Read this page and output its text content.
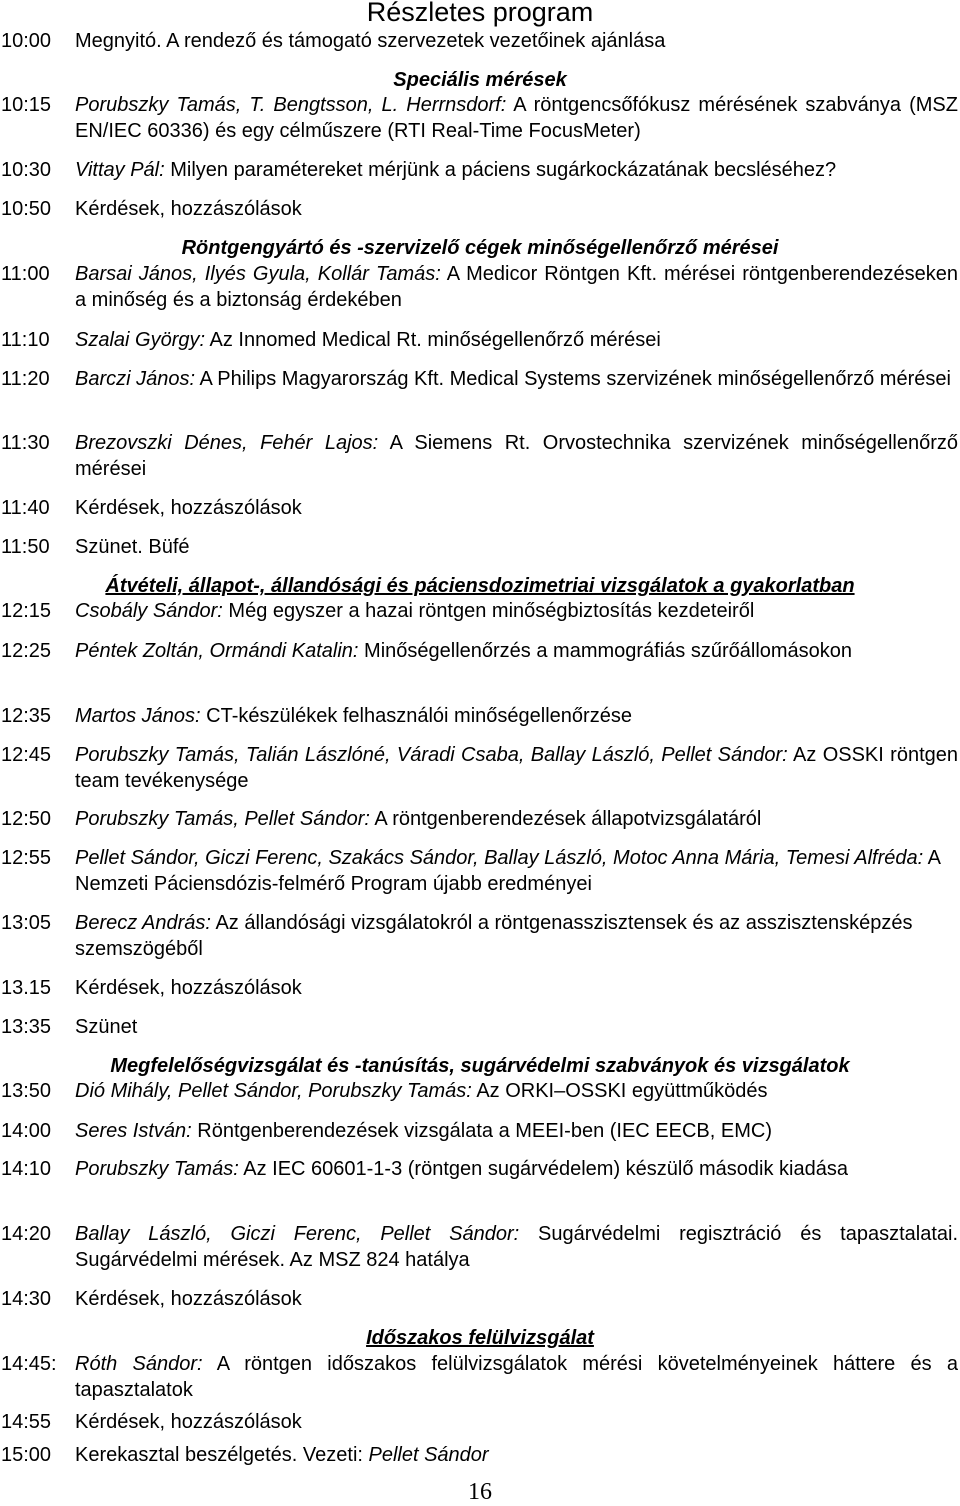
Részletes program
10:00 Megnyitó. A rendező és támogató szervezetek vezetőinek ajánlása
Speciális mérések
10:15 Porubszky Tamás, T. Bengtsson, L. Herrnsdorf: A röntgencsőfókusz mérésének szabványa (MSZ EN/IEC 60336) és egy célműszere (RTI Real-Time FocusMeter)
10:30 Vittay Pál: Milyen paramétereket mérjünk a páciens sugárkockázatának becsléséhez?
10:50 Kérdések, hozzászólások
Röntgengyártó és -szervizelő cégek minőségellenőrző mérései
11:00 Barsai János, Ilyés Gyula, Kollár Tamás: A Medicor Röntgen Kft. mérései röntgenberendezéseken a minőség és a biztonság érdekében
11:10 Szalai György: Az Innomed Medical Rt. minőségellenőrző mérései
11:20 Barczi János: A Philips Magyarország Kft. Medical Systems szervizének minőségellenőrző mérései
11:30 Brezovszki Dénes, Fehér Lajos: A Siemens Rt. Orvostechnika szervizének minőségellenőrző mérései
11:40 Kérdések, hozzászólások
11:50 Szünet. Büfé
Átvételi, állapot-, állandósági és páciensdozimetriai vizsgálatok a gyakorlatban
12:15 Csobály Sándor: Még egyszer a hazai röntgen minőségbiztosítás kezdeteiről
12:25 Péntek Zoltán, Ormándi Katalin: Minőségellenőrzés a mammográfiás szűrőállomásokon
12:35 Martos János: CT-készülékek felhasználói minőségellenőrzése
12:45 Porubszky Tamás, Talián Lászlóné, Váradi Csaba, Ballay László, Pellet Sándor: Az OSSKI röntgen team tevékenysége
12:50 Porubszky Tamás, Pellet Sándor: A röntgenberendezések állapotvizsgálatáról
12:55 Pellet Sándor, Giczi Ferenc, Szakács Sándor, Ballay László, Motoc Anna Mária, Temesi Alfréda: A Nemzeti Páciensdózis-felmérő Program újabb eredményei
13:05 Berecz András: Az állandósági vizsgálatokról a röntgenasszisztensek és az asszisztensképzés szemszögéből
13.15 Kérdések, hozzászólások
13:35 Szünet
Megfelelőségvizsgálat és -tanúsítás, sugárvédelmi szabványok és vizsgálatok
13:50 Dió Mihály, Pellet Sándor, Porubszky Tamás: Az ORKI–OSSKI együttműködés
14:00 Seres István: Röntgenberendezések vizsgálata a MEEI-ben (IEC EECB, EMC)
14:10 Porubszky Tamás: Az IEC 60601-1-3 (röntgen sugárvédelem) készülő második kiadása
14:20 Ballay László, Giczi Ferenc, Pellet Sándor: Sugárvédelmi regisztráció és tapasztalatai. Sugárvédelmi mérések. Az MSZ 824 hatálya
14:30 Kérdések, hozzászólások
Időszakos felülvizsgálat
14:45: Róth Sándor: A röntgen időszakos felülvizsgálatok mérési követelményeinek háttere és a tapasztalatok
14:55 Kérdések, hozzászólások
15:00 Kerekasztal beszélgetés. Vezeti: Pellet Sándor
16
